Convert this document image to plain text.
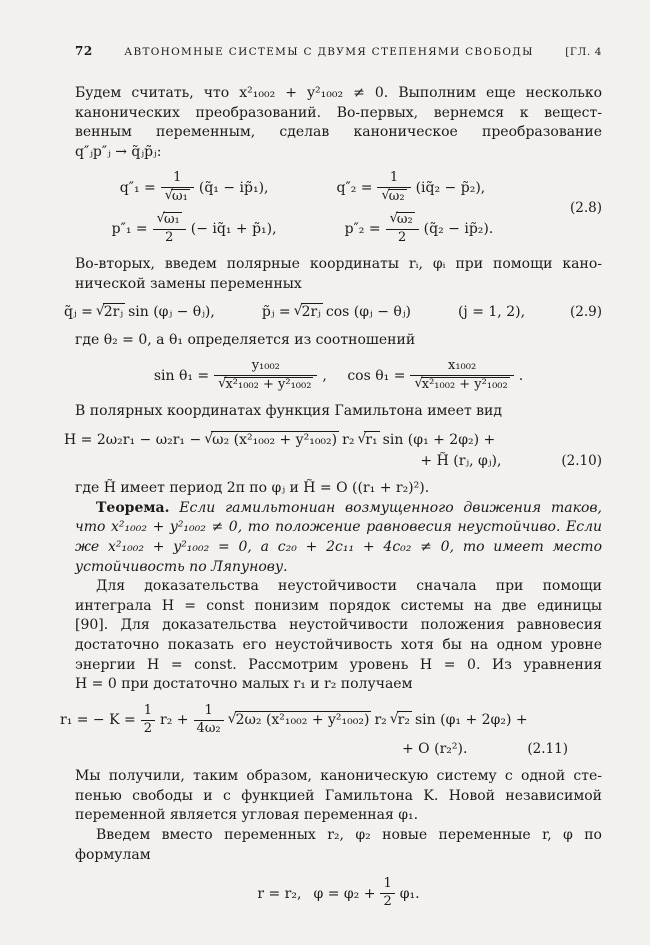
72	АВТОНОМНЫЕ СИСТЕМЫ С ДВУМЯ СТЕПЕНЯМИ СВОБОДЫ	[ГЛ. 4
Будем считать, что x²₁₀₀₂ + y²₁₀₀₂ ≠ 0. Выполним еще несколько
канонических преобразований. Во-первых, вернемся к вещест-
венным переменным, сделав каноническое преобразование
q″ⱼp″ⱼ → q̃ⱼp̃ⱼ:
$q''_1 = \frac{1}{\text{√ω₁}}$ (q̃₁ − ip̃₁),	$q''_2 = \frac{1}{\text{√ω₂}}$ (iq̃₂ − p̃₂),
$p''_1 = \frac{\text{√ω₁}}{2}$ (− iq̃₁ + p̃₁),	$p''_2 = \frac{\text{√ω₂}}{2}$ (q̃₂ − ip̃₂).
(2.8)
Во-вторых, введем полярные координаты rᵢ, φᵢ при помощи кано-
нической замены переменных
q̃ⱼ = √2rⱼ sin (φⱼ − θⱼ),	p̃ⱼ = √2rⱼ cos (φⱼ − θⱼ)	(j = 1, 2),	(2.9)
где θ₂ = 0, а θ₁ определяется из соотношений
$\sin \theta_1 = \frac{\text{y₁₀₀₂}}{\text{√x²₁₀₀₂ + y²₁₀₀₂}}$ , $\cos \theta_1 = \frac{\text{x₁₀₀₂}}{\text{√x²₁₀₀₂ + y²₁₀₀₂}}$ .
В полярных координатах функция Гамильтона имеет вид
H = 2ω₂r₁ − ω₂r₁ − √ω₂ (x²₁₀₀₂ + y²₁₀₀₂) r₂ √r₁ sin (φ₁ + 2φ₂) +
+ H̃ (rⱼ, φⱼ),	(2.10)
где H̃ имеет период 2π по φⱼ и H̃ = O ((r₁ + r₂)²).
Теорема. Если гамильтониан возмущенного движения таков,
что x²₁₀₀₂ + y²₁₀₀₂ ≠ 0, то положение равновесия неустойчиво. Если
же x²₁₀₀₂ + y²₁₀₀₂ = 0, а c₂₀ + 2c₁₁ + 4c₀₂ ≠ 0, то имеет место
устойчивость по Ляпунову.
Для доказательства неустойчивости сначала при помощи
интеграла H = const понизим порядок системы на две единицы
[90]. Для доказательства неустойчивости положения равновесия
достаточно показать его неустойчивость хотя бы на одном уровне
энергии H = const. Рассмотрим уровень H = 0. Из уравнения
H = 0 при достаточно малых r₁ и r₂ получаем
r₁ = − $K = \frac{1}{2} r_2 + \frac{1}{\text{4ω₂}} √2\omega_2$ (x²₁₀₀₂ + y²₁₀₀₂) r₂ √r₂ sin (φ₁ + 2φ₂) +
+ O (r₂²).	(2.11)
Мы получили, таким образом, каноническую систему с одной сте-
пенью свободы и с функцией Гамильтона K. Новой независимой
переменной является угловая переменная φ₁.
Введем вместо переменных r₂, φ₂ новые переменные r, φ по
формулам
r = r₂, $\varphi = \varphi_2 + \frac{1}{2} \varphi_1$.
